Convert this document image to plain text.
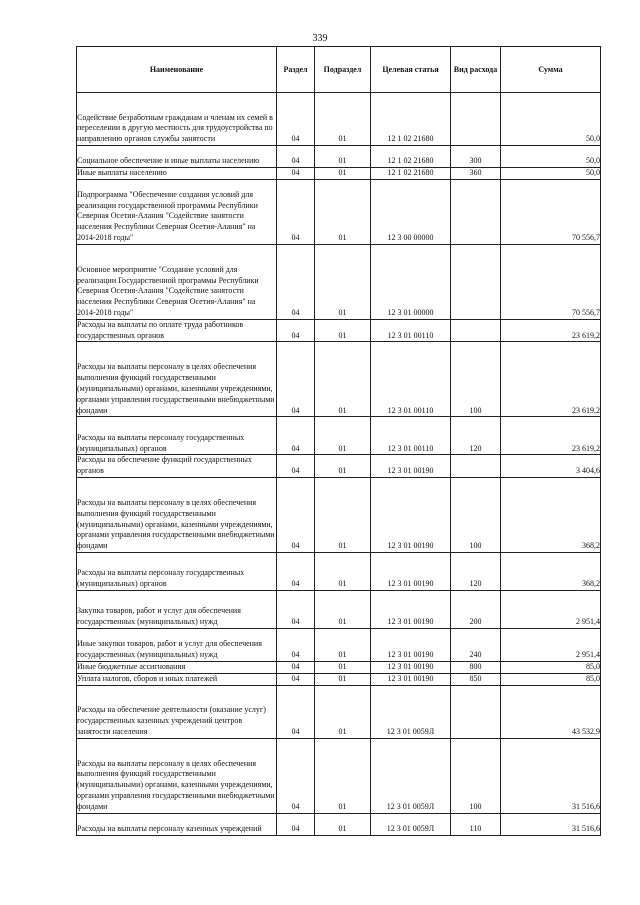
339
Наименование	Раздел	Подраздел	Целевая статья	Вид расхода	Сумма
Содействие безработным гражданам и членам их семей в переселении в другую местность для трудоустройства по направлению органов службы занятости	04	01	12 1 02 21680		50,0
Социальное обеспечение и иные выплаты населению	04	01	12 1 02 21680	300	50,0
Иные выплаты населению	04	01	12 1 02 21680	360	50,0
Подпрограмма "Обеспечение создания условий для реализации государственной программы Республики Северная Осетия-Алания "Содействие занятости населения Республики Северная Осетия-Алания" на 2014-2018 годы"	04	01	12 3 00 00000		70 556,7
Основное мероприятие "Создание условий для реализации Государственной программы Республики Северная Осетия-Алания "Содействие занятости населения Республики Северная Осетия-Алания" на 2014-2018 годы"	04	01	12 3 01 00000		70 556,7
Расходы на выплаты по оплате труда работников государственных органов	04	01	12 3 01 00110		23 619,2
Расходы на выплаты персоналу в целях обеспечения выполнения функций государственными (муниципальными) органами, казенными учреждениями, органами управления государственными внебюджетными фондами	04	01	12 3 01 00110	100	23 619,2
Расходы на выплаты персоналу государственных (муниципальных) органов	04	01	12 3 01 00110	120	23 619,2
Расходы на обеспечение функций государственных органов	04	01	12 3 01 00190		3 404,6
Расходы на выплаты персоналу в целях обеспечения выполнения функций государственными (муниципальными) органами, казенными учреждениями, органами управления государственными внебюджетными фондами	04	01	12 3 01 00190	100	368,2
Расходы на выплаты персоналу государственных (муниципальных) органов	04	01	12 3 01 00190	120	368,2
Закупка товаров, работ и услуг для обеспечения государственных (муниципальных) нужд	04	01	12 3 01 00190	200	2 951,4
Иные закупки товаров, работ и услуг для обеспечения государственных (муниципальных) нужд	04	01	12 3 01 00190	240	2 951,4
Иные бюджетные ассигнования	04	01	12 3 01 00190	800	85,0
Уплата налогов, сборов и иных платежей	04	01	12 3 01 00190	850	85,0
Расходы на обеспечение деятельности (оказание услуг) государственных казенных учреждений центров занятости населения	04	01	12 3 01 0059Л		43 532,9
Расходы на выплаты персоналу в целях обеспечения выполнения функций государственными (муниципальными) органами, казенными учреждениями, органами управления государственными внебюджетными фондами	04	01	12 3 01 0059Л	100	31 516,6
Расходы на выплаты персоналу казенных учреждений	04	01	12 3 01 0059Л	110	31 516,6
